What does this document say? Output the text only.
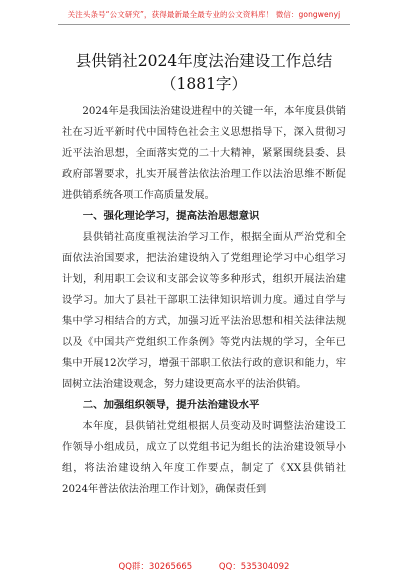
关注头条号“公文研究”，获得最新最全最专业的公文资料库！ 微信：gongwenyj
县供销社2024年度法治建设工作总结
（1881字）

2024年是我国法治建设进程中的关键一年，本年度县供销社在习近平新时代中国特色社会主义思想指导下，深入贯彻习近平法治思想，全面落实党的二十大精神，紧紧围绕县委、县政府部署要求，扎实开展普法依法治理工作以法治思维不断促进供销系统各项工作高质量发展。

一、强化理论学习，提高法治思想意识

县供销社高度重视法治学习工作，根据全面从严治党和全面依法治国要求，把法治建设纳入了党组理论学习中心组学习计划，利用职工会议和支部会议等多种形式，组织开展法治建设学习。加大了县社干部职工法律知识培训力度。通过自学与集中学习相结合的方式，加强习近平法治思想和相关法律法规以及《中国共产党组织工作条例》等党内法规的学习，全年已集中开展12次学习，增强干部职工依法行政的意识和能力，牢固树立法治建设观念，努力建设更高水平的法治供销。

二、加强组织领导，提升法治建设水平

本年度，县供销社党组根据人员变动及时调整法治建设工作领导小组成员，成立了以党组书记为组长的法治建设领导小组，将法治建设纳入年度工作要点，制定了《XX县供销社2024年普法依法治理工作计划》，确保责任到

QQ群：30265665	QQ：535304092
